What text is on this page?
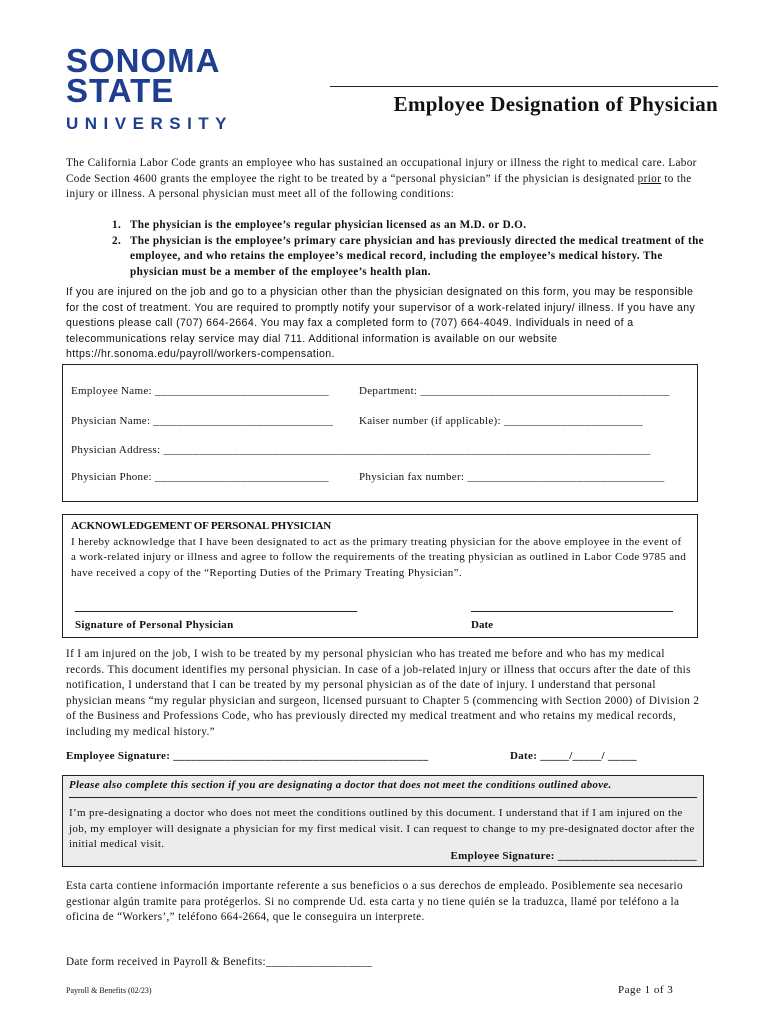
SONOMA
STATE
UNIVERSITY
Employee Designation of Physician
The California Labor Code grants an employee who has sustained an occupational injury or illness the right to medical care. Labor Code Section 4600 grants the employee the right to be treated by a “personal physician” if the physician is designated prior to the injury or illness. A personal physician must meet all of the following conditions:
1. The physician is the employee’s regular physician licensed as an M.D. or D.O.
2. The physician is the employee’s primary care physician and has previously directed the medical treatment of the employee, and who retains the employee’s medical record, including the employee’s medical history. The physician must be a member of the employee’s health plan.
If you are injured on the job and go to a physician other than the physician designated on this form, you may be responsible for the cost of treatment. You are required to promptly notify your supervisor of a work-related injury/ illness. If you have any questions please call (707) 664-2664. You may fax a completed form to (707) 664-4049. Individuals in need of a telecommunications relay service may dial 711. Additional information is available on our website https://hr.sonoma.edu/payroll/workers-compensation.
Employee Name: ______________________________	Department: ___________________________________________
Physician Name: _______________________________ Kaiser number (if applicable): ________________________
Physician Address: ____________________________________________________________________________________
Physician Phone: ______________________________	Physician fax number: __________________________________
ACKNOWLEDGEMENT OF PERSONAL PHYSICIAN
I hereby acknowledge that I have been designated to act as the primary treating physician for the above employee in the event of a work-related injury or illness and agree to follow the requirements of the treating physician as outlined in Labor Code 9785 and have received a copy of the “Reporting Duties of the Primary Treating Physician”.
Signature of Personal Physician	Date
If I am injured on the job, I wish to be treated by my personal physician who has treated me before and who has my medical records. This document identifies my personal physician. In case of a job-related injury or illness that occurs after the date of this notification, I understand that I can be treated by my personal physician as of the date of injury. I understand that personal physician means “my regular physician and surgeon, licensed pursuant to Chapter 5 (commencing with Section 2000) of Division 2 of the Business and Professions Code, who has previously directed my medical treatment and who retains my medical records, including my medical history.”
Employee Signature: ____________________________________________	Date: _____/_____/ _____
Please also complete this section if you are designating a doctor that does not meet the conditions outlined above.
I’m pre-designating a doctor who does not meet the conditions outlined by this document. I understand that if I am injured on the job, my employer will designate a physician for my first medical visit. I can request to change to my pre-designated doctor after the initial medical visit.
Employee Signature: ________________________
Esta carta contiene información importante referente a sus beneficios o a sus derechos de empleado. Posiblemente sea necesario gestionar algún tramite para protégerlos. Si no comprende Ud. esta carta y no tiene quién se la traduzca, llamé por teléfono a la oficina de “Workers’,” teléfono 664-2664, que le conseguira un interprete.
Date form received in Payroll & Benefits:__________________
Payroll & Benefits (02/23)	Page 1 of 3
